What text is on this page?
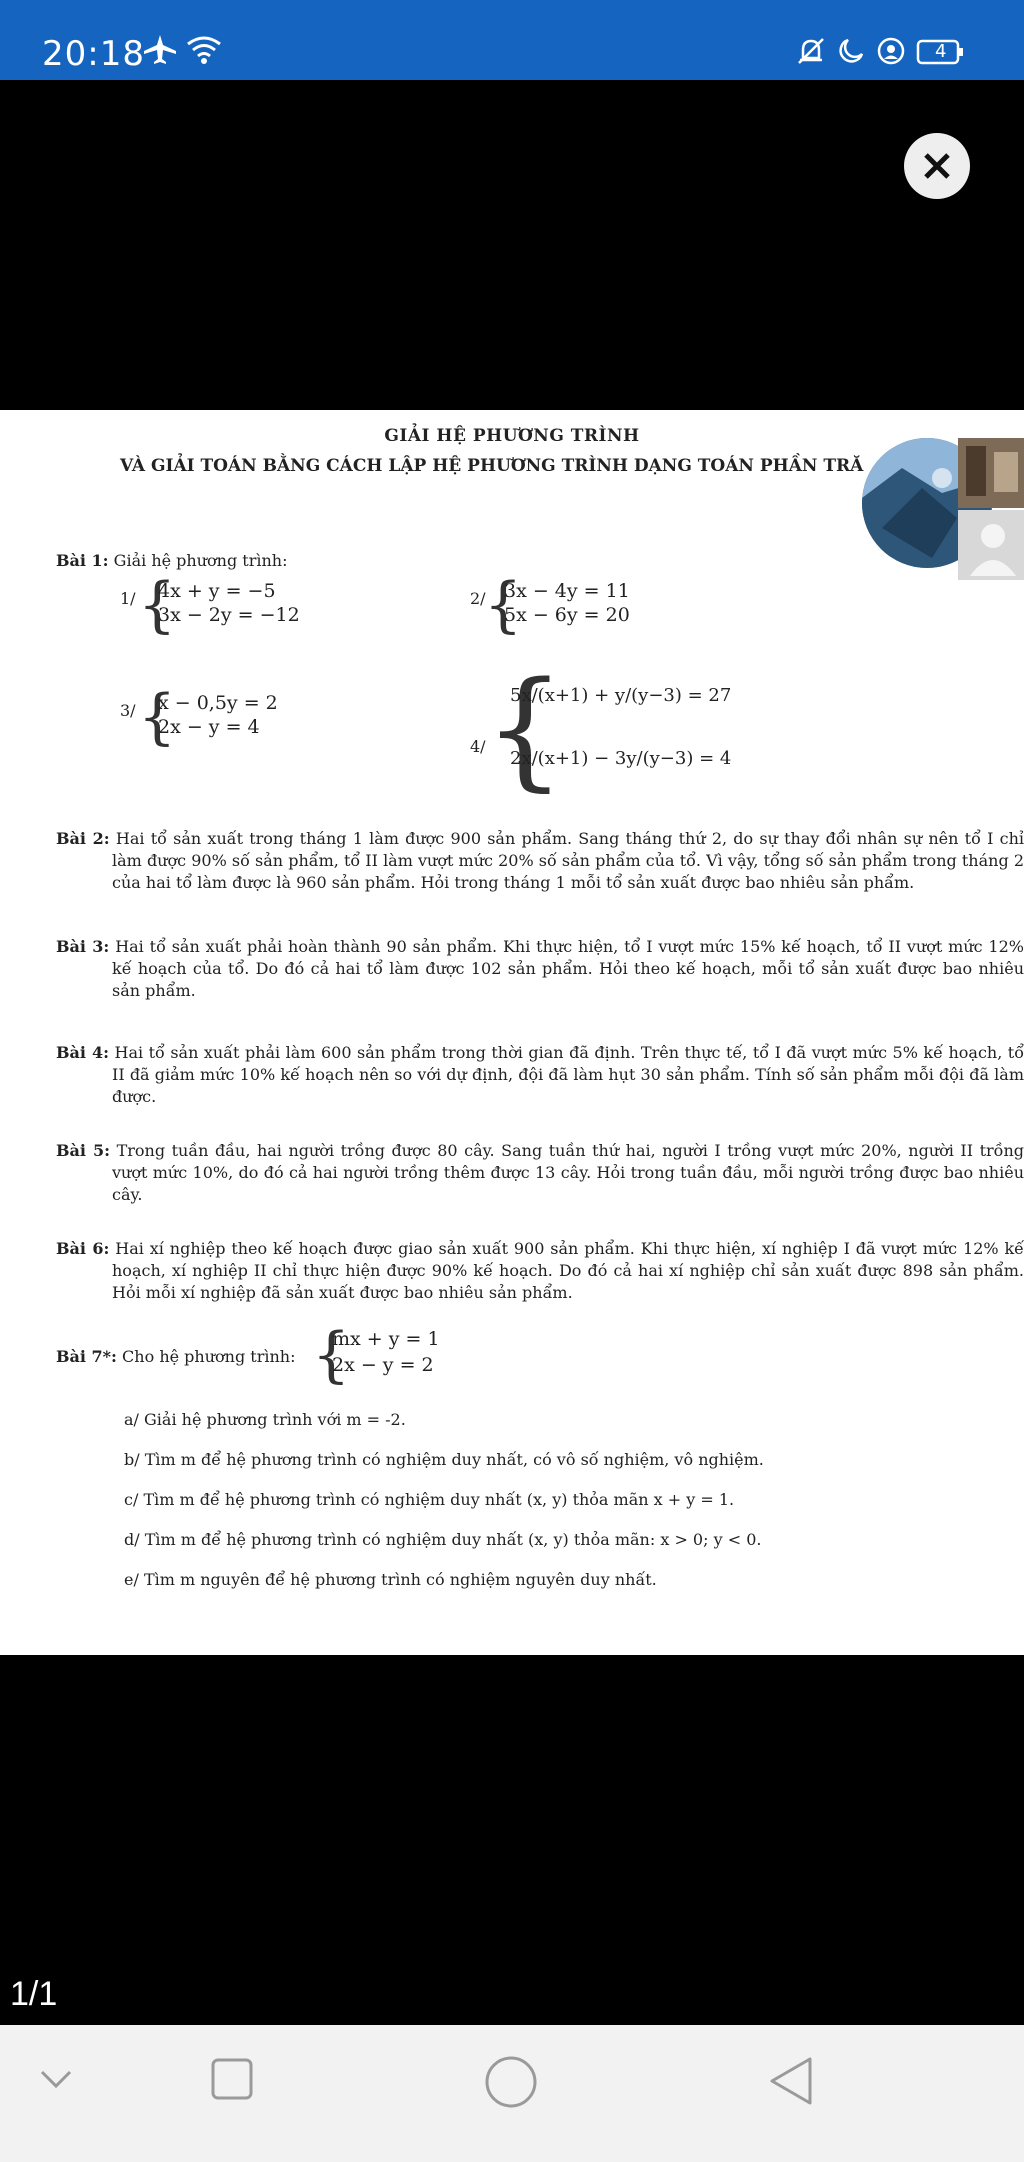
20:18	4
GIẢI HỆ PHƯƠNG TRÌNH
VÀ GIẢI TOÁN BẰNG CÁCH LẬP HỆ PHƯƠNG TRÌNH DẠNG TOÁN PHẦN TRĂ
Bài 1: Giải hệ phương trình:
1/ {
4x + y = −5
3x − 2y = −12
2/
{
3x − 4y = 11
5x − 6y = 20
3/ {
x − 0,5y = 2
2x − y = 4
4/
{
5x/(x+1) + y/(y−3) = 27
2x/(x+1) − 3y/(y−3) = 4
Bài 2: Hai tổ sản xuất trong tháng 1 làm được 900 sản phẩm. Sang tháng thứ 2, do sự thay đổi nhân sự nên tổ I chỉ làm được 90% số sản phẩm, tổ II làm vượt mức 20% số sản phẩm của tổ. Vì vậy, tổng số sản phẩm trong tháng 2 của hai tổ làm được là 960 sản phẩm. Hỏi trong tháng 1 mỗi tổ sản xuất được bao nhiêu sản phẩm.
Bài 3: Hai tổ sản xuất phải hoàn thành 90 sản phẩm. Khi thực hiện, tổ I vượt mức 15% kế hoạch, tổ II vượt mức 12% kế hoạch của tổ. Do đó cả hai tổ làm được 102 sản phẩm. Hỏi theo kế hoạch, mỗi tổ sản xuất được bao nhiêu sản phẩm.
Bài 4: Hai tổ sản xuất phải làm 600 sản phẩm trong thời gian đã định. Trên thực tế, tổ I đã vượt mức 5% kế hoạch, tổ II đã giảm mức 10% kế hoạch nên so với dự định, đội đã làm hụt 30 sản phẩm. Tính số sản phẩm mỗi đội đã làm được.
Bài 5: Trong tuần đầu, hai người trồng được 80 cây. Sang tuần thứ hai, người I trồng vượt mức 20%, người II trồng vượt mức 10%, do đó cả hai người trồng thêm được 13 cây. Hỏi trong tuần đầu, mỗi người trồng được bao nhiêu cây.
Bài 6: Hai xí nghiệp theo kế hoạch được giao sản xuất 900 sản phẩm. Khi thực hiện, xí nghiệp I đã vượt mức 12% kế hoạch, xí nghiệp II chỉ thực hiện được 90% kế hoạch. Do đó cả hai xí nghiệp chỉ sản xuất được 898 sản phẩm. Hỏi mỗi xí nghiệp đã sản xuất được bao nhiêu sản phẩm.
Bài 7*: Cho hệ phương trình: {
mx + y = 1
2x − y = 2
a/ Giải hệ phương trình với m = -2.
b/ Tìm m để hệ phương trình có nghiệm duy nhất, có vô số nghiệm, vô nghiệm.
c/ Tìm m để hệ phương trình có nghiệm duy nhất (x, y) thỏa mãn x + y = 1.
d/ Tìm m để hệ phương trình có nghiệm duy nhất (x, y) thỏa mãn: x > 0; y < 0.
e/ Tìm m nguyên để hệ phương trình có nghiệm nguyên duy nhất.
1/1
